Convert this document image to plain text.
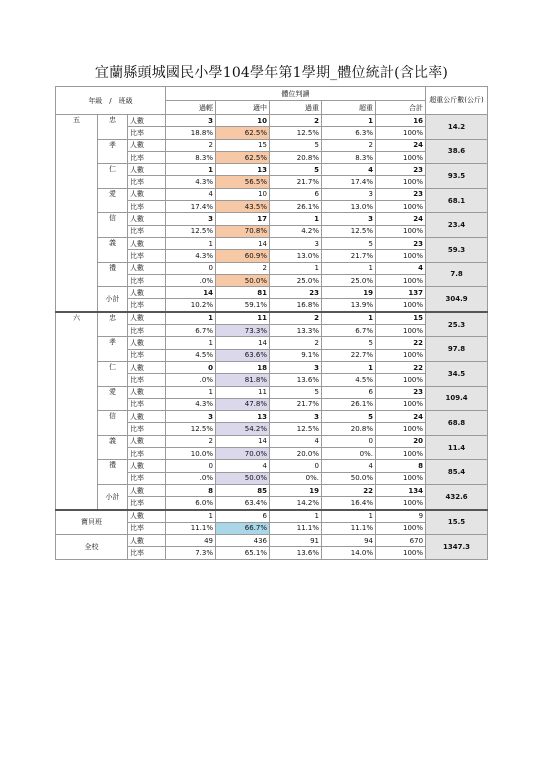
宜蘭縣頭城國民小學104學年第1學期_體位統計(含比率)
年級　/　班級			體位判讀					超重公斤數(公斤)
			過輕	適中	過重	超重	合計	
五	忠	人數	3	10	2	1	16	14.2
		比率	18.8%	62.5%	12.5%	6.3%	100%	
	孝	人數	2	15	5	2	24	38.6
		比率	8.3%	62.5%	20.8%	8.3%	100%	
	仁	人數	1	13	5	4	23	93.5
		比率	4.3%	56.5%	21.7%	17.4%	100%	
	愛	人數	4	10	6	3	23	68.1
		比率	17.4%	43.5%	26.1%	13.0%	100%	
	信	人數	3	17	1	3	24	23.4
		比率	12.5%	70.8%	4.2%	12.5%	100%	
	義	人數	1	14	3	5	23	59.3
		比率	4.3%	60.9%	13.0%	21.7%	100%	
	禮	人數	0	2	1	1	4	7.8
		比率	.0%	50.0%	25.0%	25.0%	100%	
	小計	人數	14	81	23	19	137	304.9
		比率	10.2%	59.1%	16.8%	13.9%	100%	
六	忠	人數	1	11	2	1	15	25.3
		比率	6.7%	73.3%	13.3%	6.7%	100%	
	孝	人數	1	14	2	5	22	97.8
		比率	4.5%	63.6%	9.1%	22.7%	100%	
	仁	人數	0	18	3	1	22	34.5
		比率	.0%	81.8%	13.6%	4.5%	100%	
	愛	人數	1	11	5	6	23	109.4
		比率	4.3%	47.8%	21.7%	26.1%	100%	
	信	人數	3	13	3	5	24	68.8
		比率	12.5%	54.2%	12.5%	20.8%	100%	
	義	人數	2	14	4	0	20	11.4
		比率	10.0%	70.0%	20.0%	0%.	100%	
	禮	人數	0	4	0	4	8	85.4
		比率	.0%	50.0%	0%.	50.0%	100%	
	小計	人數	8	85	19	22	134	432.6
		比率	6.0%	63.4%	14.2%	16.4%	100%	
寶貝班		人數	1	6	1	1	9	15.5
		比率	11.1%	66.7%	11.1%	11.1%	100%	
全校		人數	49	436	91	94	670	1347.3
		比率	7.3%	65.1%	13.6%	14.0%	100%	
